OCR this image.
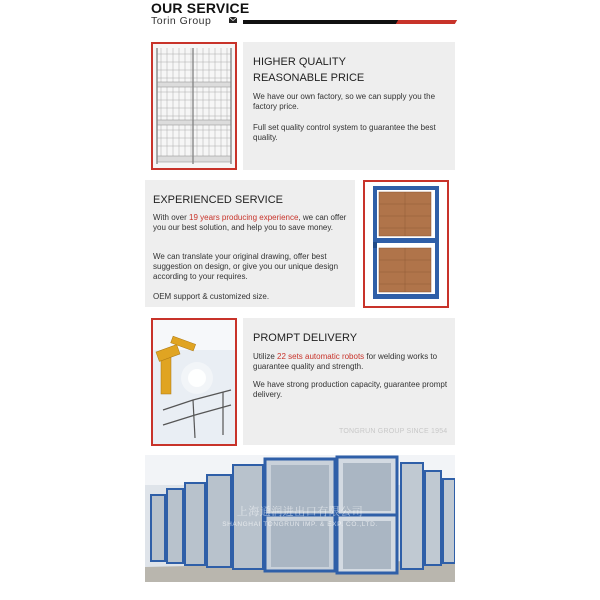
OUR SERVICE
Torin Group
HIGHER QUALITY
REASONABLE PRICE
We have our own factory, so we can supply you the factory price.
Full set quality control system to guarantee the best quality.
EXPERIENCED SERVICE
With over 19 years producing experience, we can offer you our best solution, and help you to save money.
We can translate your original drawing, offer best suggestion on design, or give you our unique design according to your requires.
OEM support & customized size.
PROMPT DELIVERY
Utilize 22 sets automatic robots for welding works to guarantee quality and strength.
We have strong production capacity, guarantee prompt delivery.
TONGRUN GROUP SINCE 1954
上海通润进出口有限公司
SHANGHAI TONGRUN IMP. & EXP. CO.,LTD.
